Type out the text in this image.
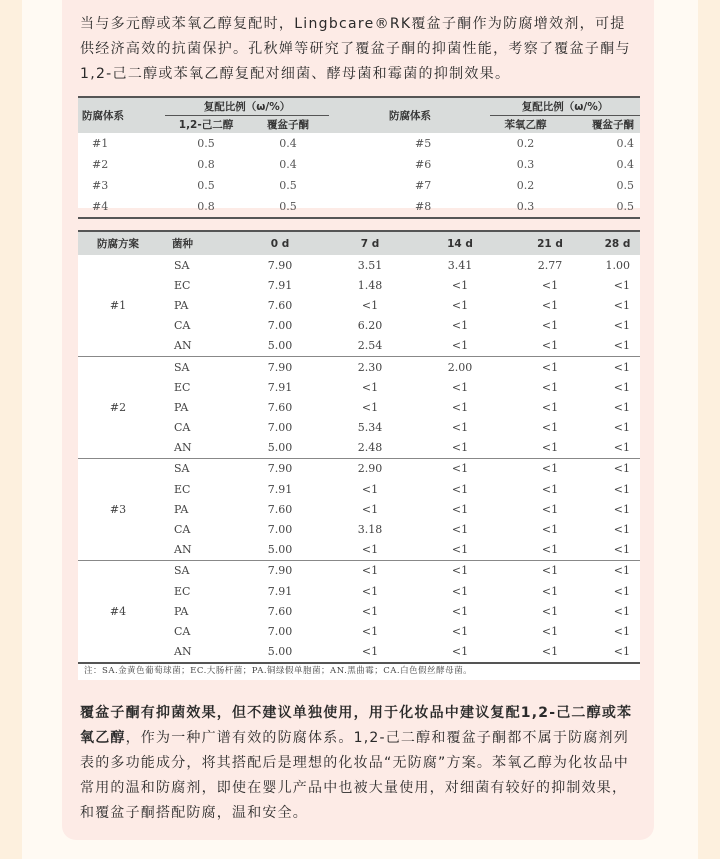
当与多元醇或苯氧乙醇复配时，Lingbcare®RK覆盆子酮作为防腐增效剂，可提供经济高效的抗菌保护。孔秋婵等研究了覆盆子酮的抑菌性能，考察了覆盆子酮与1,2-己二醇或苯氧乙醇复配对细菌、酵母菌和霉菌的抑制效果。

防腐体系	复配比例（ω/%）		防腐体系	复配比例（ω/%）	
	1,2-己二醇	覆盆子酮		苯氧乙醇	覆盆子酮
#1	0.5	0.4	#5	0.2	0.4
#2	0.8	0.4	#6	0.3	0.4
#3	0.5	0.5	#7	0.2	0.5
#4	0.8	0.5	#8	0.3	0.5
防腐方案	菌种	0 d	7 d	14 d	21 d	28 d
#1	SA	7.90	3.51	3.41	2.77	1.00
	EC	7.91	1.48	<1	<1	<1
	PA	7.60	<1	<1	<1	<1
	CA	7.00	6.20	<1	<1	<1
	AN	5.00	2.54	<1	<1	<1
#2	SA	7.90	2.30	2.00	<1	<1
	EC	7.91	<1	<1	<1	<1
	PA	7.60	<1	<1	<1	<1
	CA	7.00	5.34	<1	<1	<1
	AN	5.00	2.48	<1	<1	<1
#3	SA	7.90	2.90	<1	<1	<1
	EC	7.91	<1	<1	<1	<1
	PA	7.60	<1	<1	<1	<1
	CA	7.00	3.18	<1	<1	<1
	AN	5.00	<1	<1	<1	<1
#4	SA	7.90	<1	<1	<1	<1
	EC	7.91	<1	<1	<1	<1
	PA	7.60	<1	<1	<1	<1
	CA	7.00	<1	<1	<1	<1
	AN	5.00	<1	<1	<1	<1
注：SA.金黄色葡萄球菌；EC.大肠杆菌；PA.铜绿假单胞菌；AN.黑曲霉；CA.白色假丝酵母菌。

覆盆子酮有抑菌效果，但不建议单独使用，用于化妆品中建议复配1,2-己二醇或苯氧乙醇，作为一种广谱有效的防腐体系。1,2-己二醇和覆盆子酮都不属于防腐剂列表的多功能成分，将其搭配后是理想的化妆品“无防腐”方案。苯氧乙醇为化妆品中常用的温和防腐剂，即使在婴儿产品中也被大量使用，对细菌有较好的抑制效果，和覆盆子酮搭配防腐，温和安全。
